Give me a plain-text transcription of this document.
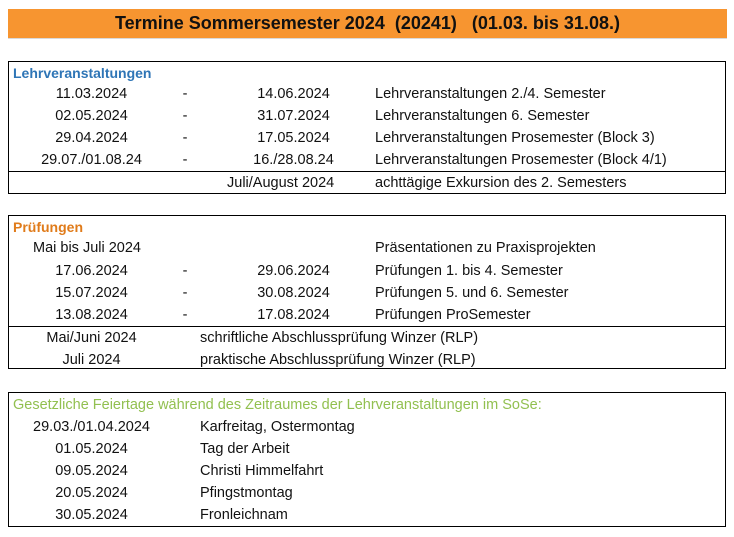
Termine Sommersemester 2024  (20241)   (01.03. bis 31.08.)
Lehrveranstaltungen
11.03.2024	-	14.06.2024	Lehrveranstaltungen 2./4. Semester
02.05.2024	-	31.07.2024	Lehrveranstaltungen 6. Semester
29.04.2024	-	17.05.2024	Lehrveranstaltungen Prosemester (Block 3)
29.07./01.08.24	-	16./28.08.24	Lehrveranstaltungen Prosemester (Block 4/1)
Juli/August 2024	achttägige Exkursion des 2. Semesters
Prüfungen
Mai bis Juli 2024	Präsentationen zu Praxisprojekten
17.06.2024	-	29.06.2024	Prüfungen 1. bis 4. Semester
15.07.2024	-	30.08.2024	Prüfungen 5. und 6. Semester
13.08.2024	-	17.08.2024	Prüfungen ProSemester
Mai/Juni 2024	schriftliche Abschlussprüfung Winzer (RLP)
Juli 2024	praktische Abschlussprüfung Winzer (RLP)
Gesetzliche Feiertage während des Zeitraumes der Lehrveranstaltungen im SoSe:
29.03./01.04.2024	Karfreitag, Ostermontag
01.05.2024	Tag der Arbeit
09.05.2024	Christi Himmelfahrt
20.05.2024	Pfingstmontag
30.05.2024	Fronleichnam
